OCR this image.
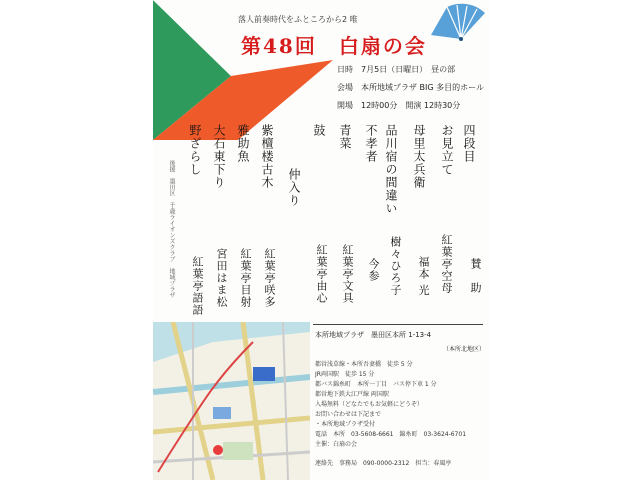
落人前奏時代をふところから2 唯
第48回　白扇の会
日時　 7月5日（日曜日）　昼の部
会場　 本所地域プラザ BIG 多目的ホール
開場　 12時00分　開演 12時30分
四段目
お見立て
母里太兵衛
品川宿の間違い
不孝者
青菜
鼓
仲入り
紫檀楼古木
雅助魚
大石東下り
野ざらし
後援　墨田区　千歳ライオンズクラブ　地域プラザ	賛　助
紅葉亭空母
福本 光
樹々ひろ子
今参
紅葉亭文具
紅葉亭由心
紅葉亭咲多
紅葉亭目射
宮田はま松
紅葉亭語語
本所地域プラザ　墨田区本所 1-13-4
（本所北地区）
都営浅草線・本所吾妻橋　徒歩 5 分
JR両国駅　徒歩 15 分
都バス錦糸町　本所一丁目　バス停下車 1 分
都営地下鉄大江戸線 両国駅
入場無料（どなたでもお気軽にどうぞ）
お問い合わせは下記まで
・本所地域プラザ受付
電話　本所　03-5608-6661　錦糸町　03-3624-6701
主催：白扇の会
連絡先　事務局　090-0000-2312　担当：春風亭
